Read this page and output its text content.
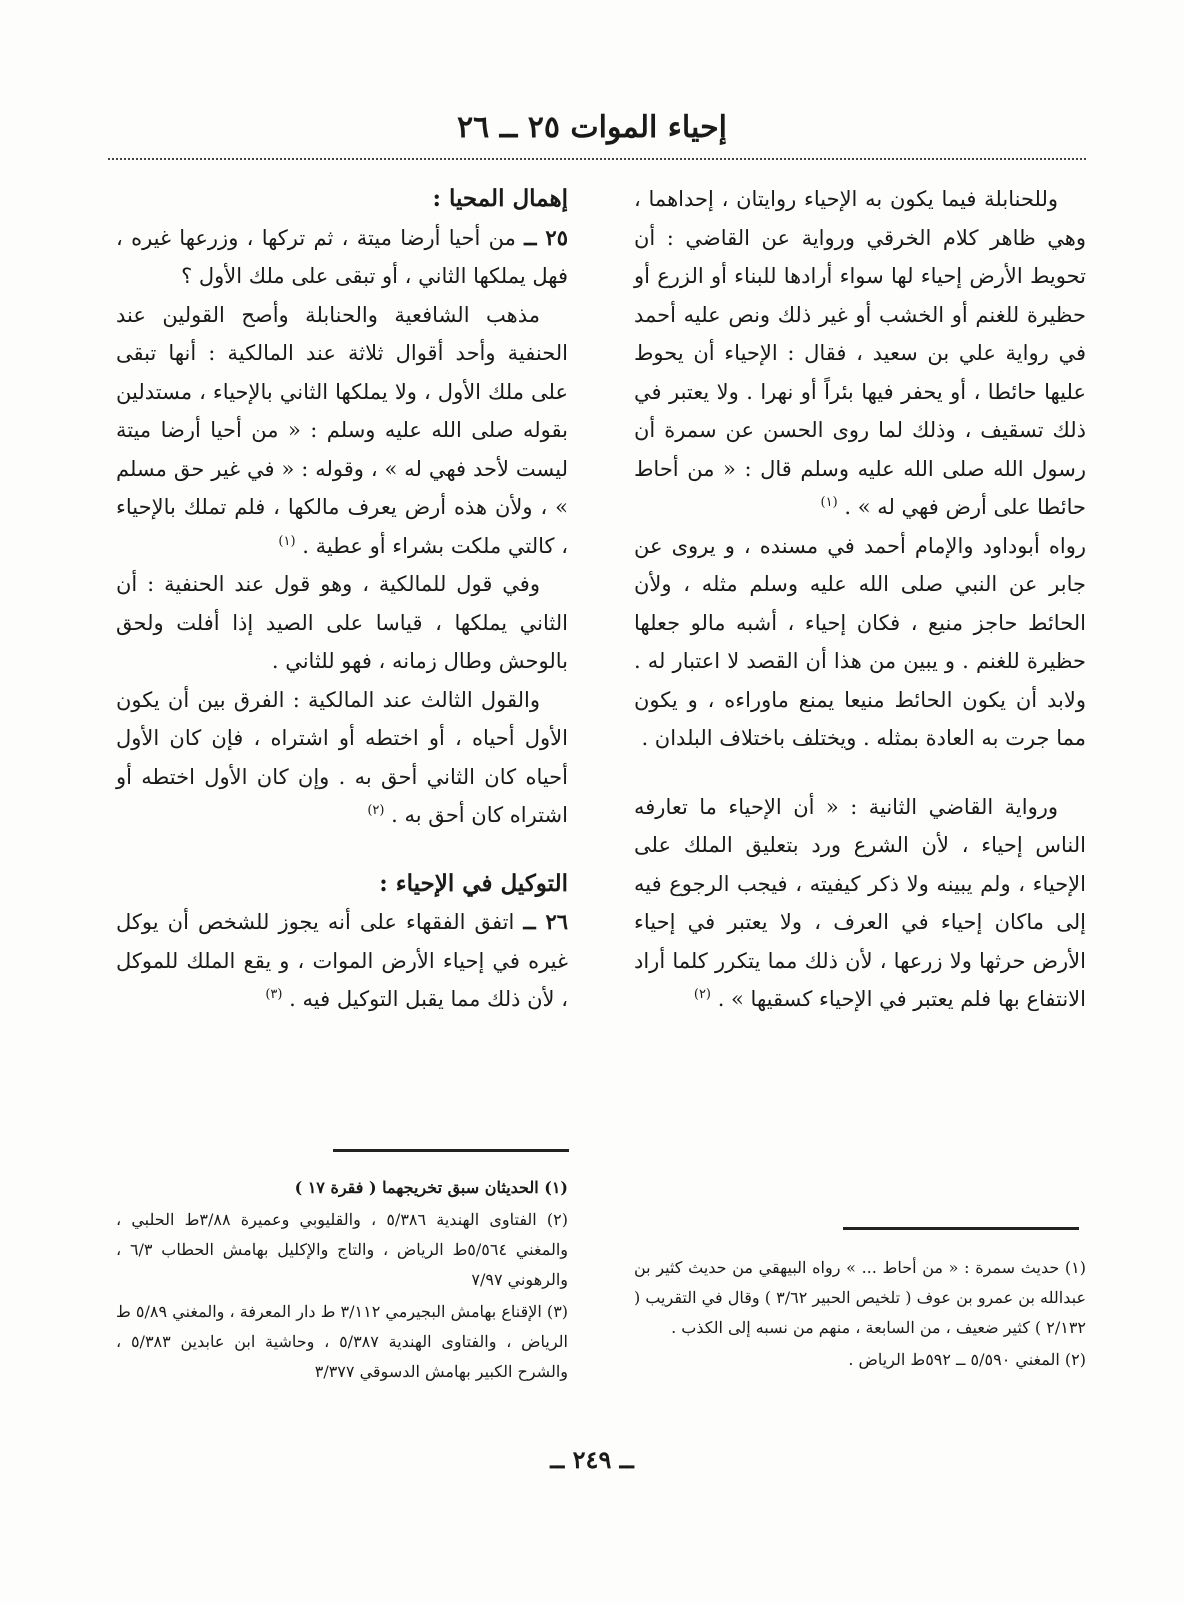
إحياء الموات ٢٥ ــ ٢٦

وللحنابلة فيما يكون به الإحياء روايتان ، إحداهما ، وهي ظاهر كلام الخرقي ورواية عن القاضي : أن تحويط الأرض إحياء لها سواء أرادها للبناء أو الزرع أو حظيرة للغنم أو الخشب أو غير ذلك ونص عليه أحمد في رواية علي بن سعيد ، فقال : الإحياء أن يحوط عليها حائطا ، أو يحفر فيها بئراً أو نهرا . ولا يعتبر في ذلك تسقيف ، وذلك لما روى الحسن عن سمرة أن رسول الله صلى الله عليه وسلم قال : « من أحاط حائطا على أرض فهي له » . $^{(١)}$

رواه أبوداود والإمام أحمد في مسنده ، و يروى عن جابر عن النبي صلى الله عليه وسلم مثله ، ولأن الحائط حاجز منيع ، فكان إحياء ، أشبه مالو جعلها حظيرة للغنم . و يبين من هذا أن القصد لا اعتبار له . ولابد أن يكون الحائط منيعا يمنع ماوراءه ، و يكون مما جرت به العادة بمثله . ويختلف باختلاف البلدان .

ورواية القاضي الثانية : « أن الإحياء ما تعارفه الناس إحياء ، لأن الشرع ورد بتعليق الملك على الإحياء ، ولم يبينه ولا ذكر كيفيته ، فيجب الرجوع فيه إلى ماكان إحياء في العرف ، ولا يعتبر في إحياء الأرض حرثها ولا زرعها ، لأن ذلك مما يتكرر كلما أراد الانتفاع بها فلم يعتبر في الإحياء كسقيها » . $^{(٢)}$

إهمال المحيا :

٢٥ ــ من أحيا أرضا ميتة ، ثم تركها ، وزرعها غيره ، فهل يملكها الثاني ، أو تبقى على ملك الأول ؟

مذهب الشافعية والحنابلة وأصح القولين عند الحنفية وأحد أقوال ثلاثة عند المالكية : أنها تبقى على ملك الأول ، ولا يملكها الثاني بالإحياء ، مستدلين بقوله صلى الله عليه وسلم : « من أحيا أرضا ميتة ليست لأحد فهي له » ، وقوله : « في غير حق مسلم » ، ولأن هذه أرض يعرف مالكها ، فلم تملك بالإحياء ، كالتي ملكت بشراء أو عطية . $^{(١)}$

وفي قول للمالكية ، وهو قول عند الحنفية : أن الثاني يملكها ، قياسا على الصيد إذا أفلت ولحق بالوحش وطال زمانه ، فهو للثاني .

والقول الثالث عند المالكية : الفرق بين أن يكون الأول أحياه ، أو اختطه أو اشتراه ، فإن كان الأول أحياه كان الثاني أحق به . وإن كان الأول اختطه أو اشتراه كان أحق به . $^{(٢)}$

التوكيل في الإحياء :

٢٦ ــ اتفق الفقهاء على أنه يجوز للشخص أن يوكل غيره في إحياء الأرض الموات ، و يقع الملك للموكل ، لأن ذلك مما يقبل التوكيل فيه . $^{(٣)}$

(١) الحديثان سبق تخريجهما ( فقرة ١٧ )

(٢) الفتاوى الهندية ٥/٣٨٦ ، والقليوبي وعميرة ٣/٨٨ط الحلبي ، والمغني ٥/٥٦٤ط الرياض ، والتاج والإكليل بهامش الحطاب ٦/٣ ، والرهوني ٧/٩٧

(٣) الإقناع بهامش البجيرمي ٣/١١٢ ط دار المعرفة ، والمغني ٥/٨٩ ط الرياض ، والفتاوى الهندية ٥/٣٨٧ ، وحاشية ابن عابدين ٥/٣٨٣ ، والشرح الكبير بهامش الدسوقي ٣/٣٧٧

(١) حديث سمرة : « من أحاط ... » رواه البيهقي من حديث كثير بن عبدالله بن عمرو بن عوف ( تلخيص الحبير ٣/٦٢ ) وقال في التقريب ( ٢/١٣٢ ) كثير ضعيف ، من السابعة ، منهم من نسبه إلى الكذب .

(٢) المغني ٥/٥٩٠ ــ ٥٩٢ط الرياض .

ــ ٢٤٩ ــ
